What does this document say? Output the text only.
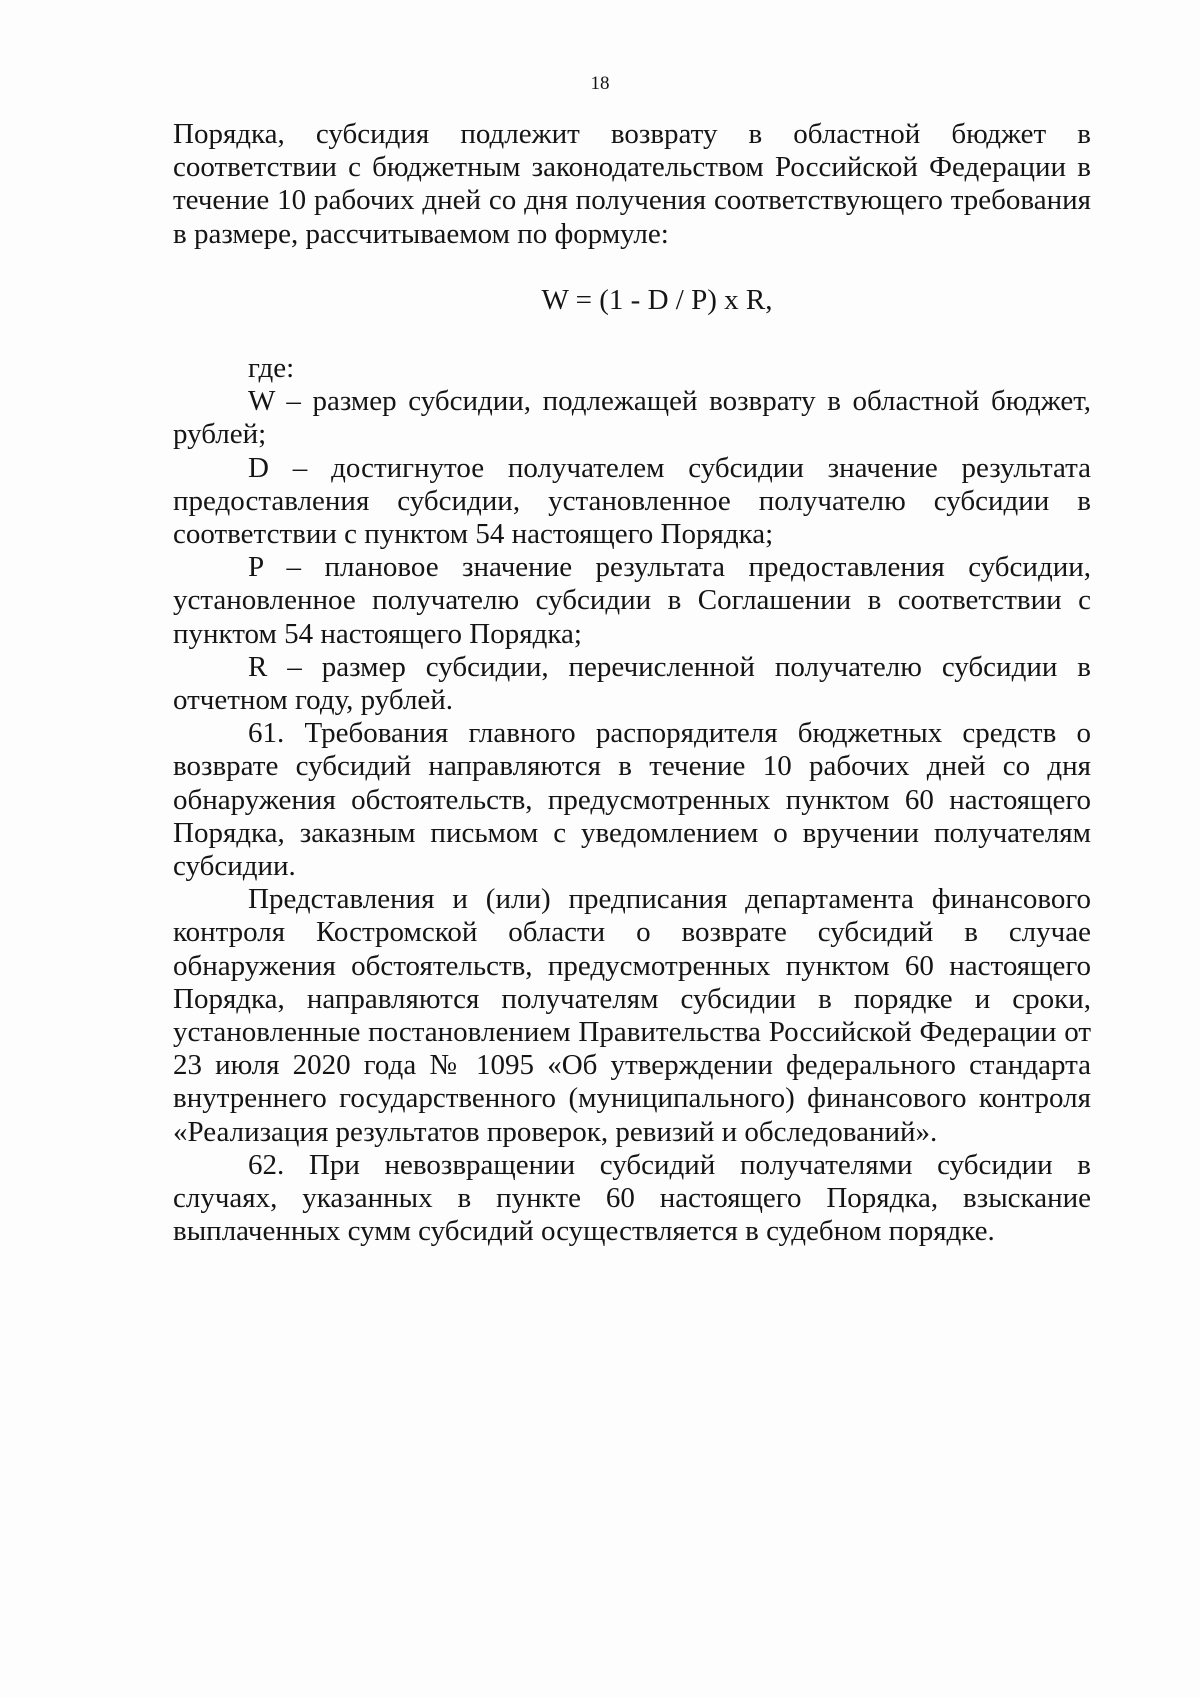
18

Порядка, субсидия подлежит возврату в областной бюджет в соответствии с бюджетным законодательством Российской Федерации в течение 10 рабочих дней со дня получения соответствующего требования в размере, рассчитываемом по формуле:

W = (1 - D / P) x R,

где:

W – размер субсидии, подлежащей возврату в областной бюджет, рублей;

D – достигнутое получателем субсидии значение результата предоставления субсидии, установленное получателю субсидии в соответствии с пунктом 54 настоящего Порядка;

P – плановое значение результата предоставления субсидии, установленное получателю субсидии в Соглашении в соответствии с пунктом 54 настоящего Порядка;

R – размер субсидии, перечисленной получателю субсидии в отчетном году, рублей.

61. Требования главного распорядителя бюджетных средств о возврате субсидий направляются в течение 10 рабочих дней со дня обнаружения обстоятельств, предусмотренных пунктом 60 настоящего Порядка, заказным письмом с уведомлением о вручении получателям субсидии.

Представления и (или) предписания департамента финансового контроля Костромской области о возврате субсидий в случае обнаружения обстоятельств, предусмотренных пунктом 60 настоящего Порядка, направляются получателям субсидии в порядке и сроки, установленные постановлением Правительства Российской Федерации от 23 июля 2020 года № 1095 «Об утверждении федерального стандарта внутреннего государственного (муниципального) финансового контроля «Реализация результатов проверок, ревизий и обследований».

62. При невозвращении субсидий получателями субсидии в случаях, указанных в пункте 60 настоящего Порядка, взыскание выплаченных сумм субсидий осуществляется в судебном порядке.
